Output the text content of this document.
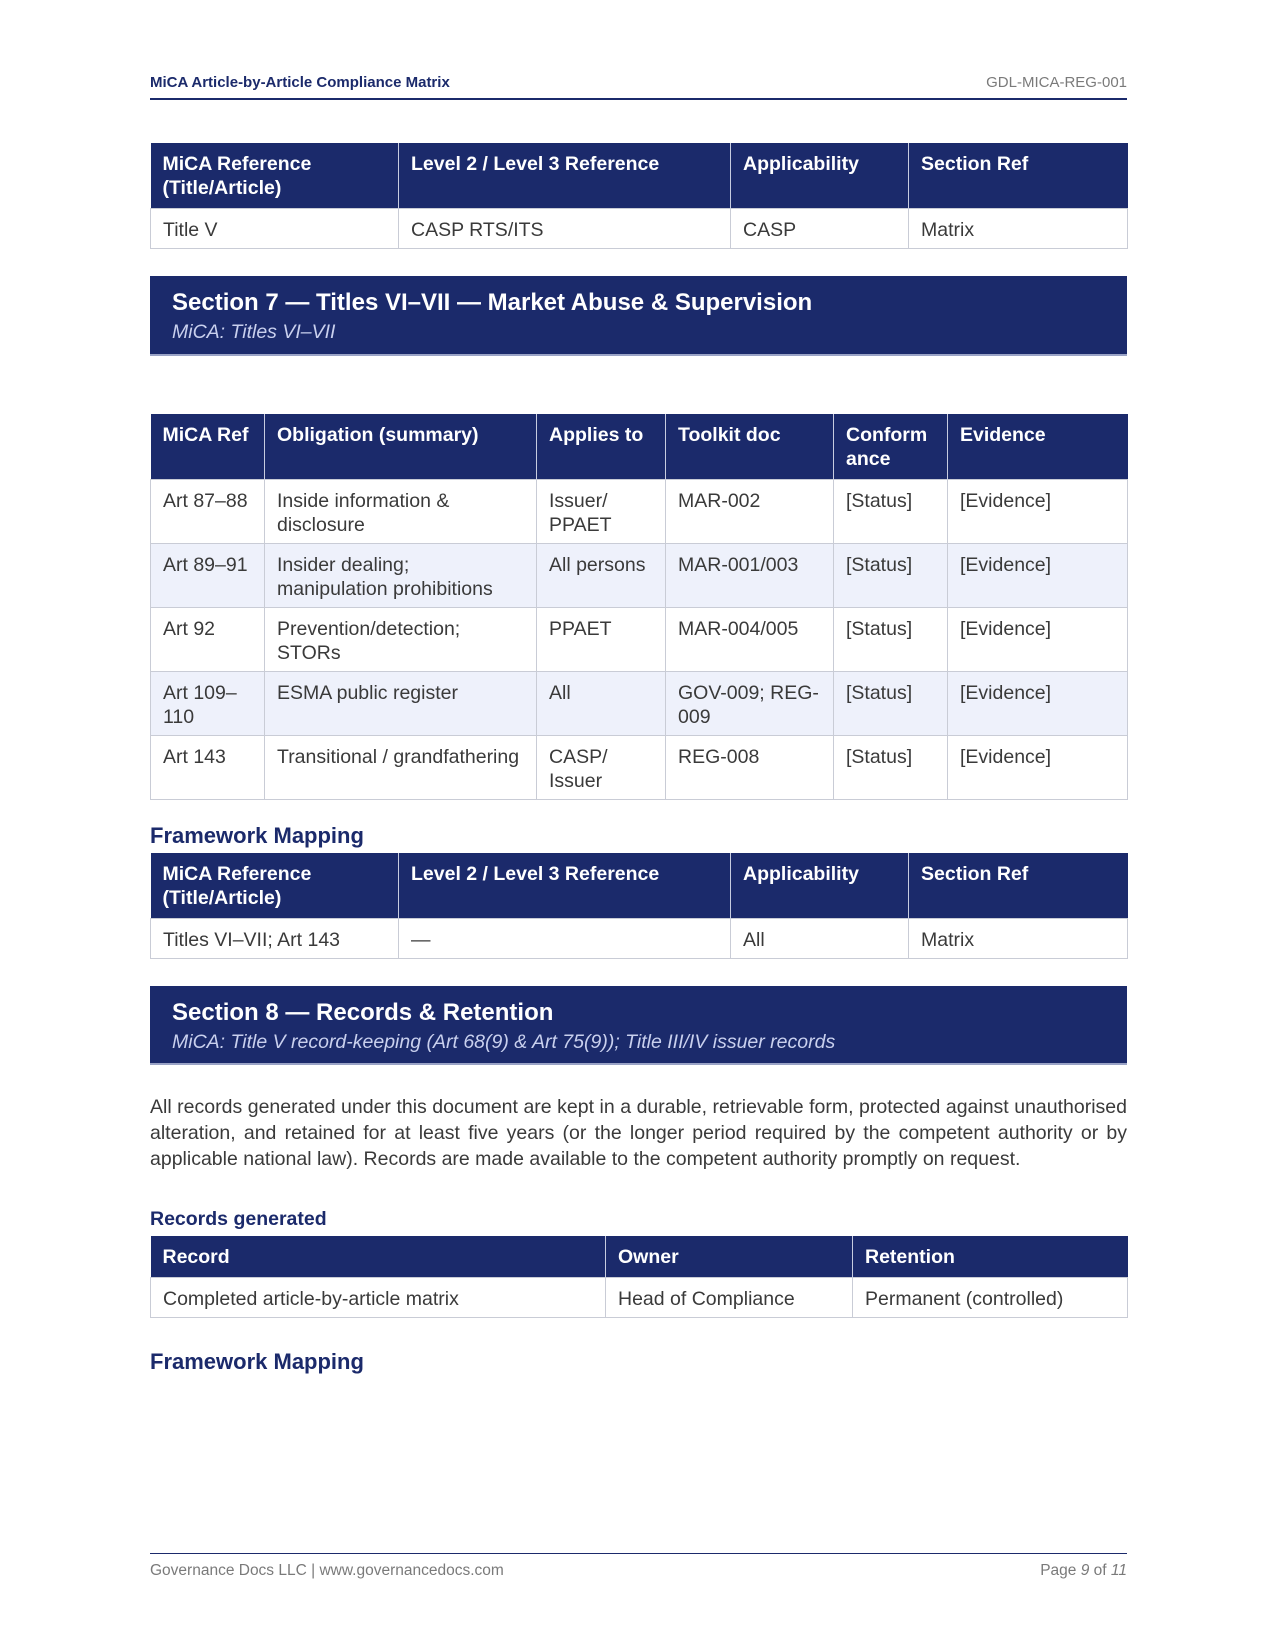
MiCA Article-by-Article Compliance Matrix	GDL-MICA-REG-001
MiCA Reference (Title/Article)	Level 2 / Level 3 Reference	Applicability	Section Ref
Title V	CASP RTS/ITS	CASP	Matrix
Section 7 — Titles VI–VII — Market Abuse & Supervision
MiCA: Titles VI–VII
MiCA Ref	Obligation (summary)	Applies to	Toolkit doc	Conformance	Evidence
Art 87–88	Inside information & disclosure	Issuer/ PPAET	MAR-002	[Status]	[Evidence]
Art 89–91	Insider dealing; manipulation prohibitions	All persons	MAR-001/003	[Status]	[Evidence]
Art 92	Prevention/detection; STORs	PPAET	MAR-004/005	[Status]	[Evidence]
Art 109–110	ESMA public register	All	GOV-009; REG-009	[Status]	[Evidence]
Art 143	Transitional / grandfathering	CASP/ Issuer	REG-008	[Status]	[Evidence]
Framework Mapping
MiCA Reference (Title/Article)	Level 2 / Level 3 Reference	Applicability	Section Ref
Titles VI–VII; Art 143	—	All	Matrix
Section 8 — Records & Retention
MiCA: Title V record-keeping (Art 68(9) & Art 75(9)); Title III/IV issuer records
All records generated under this document are kept in a durable, retrievable form, protected against unauthorised alteration, and retained for at least five years (or the longer period required by the competent authority or by applicable national law). Records are made available to the competent authority promptly on request.
Records generated
Record	Owner	Retention
Completed article-by-article matrix	Head of Compliance	Permanent (controlled)
Framework Mapping
Governance Docs LLC | www.governancedocs.com	Page 9 of 11
